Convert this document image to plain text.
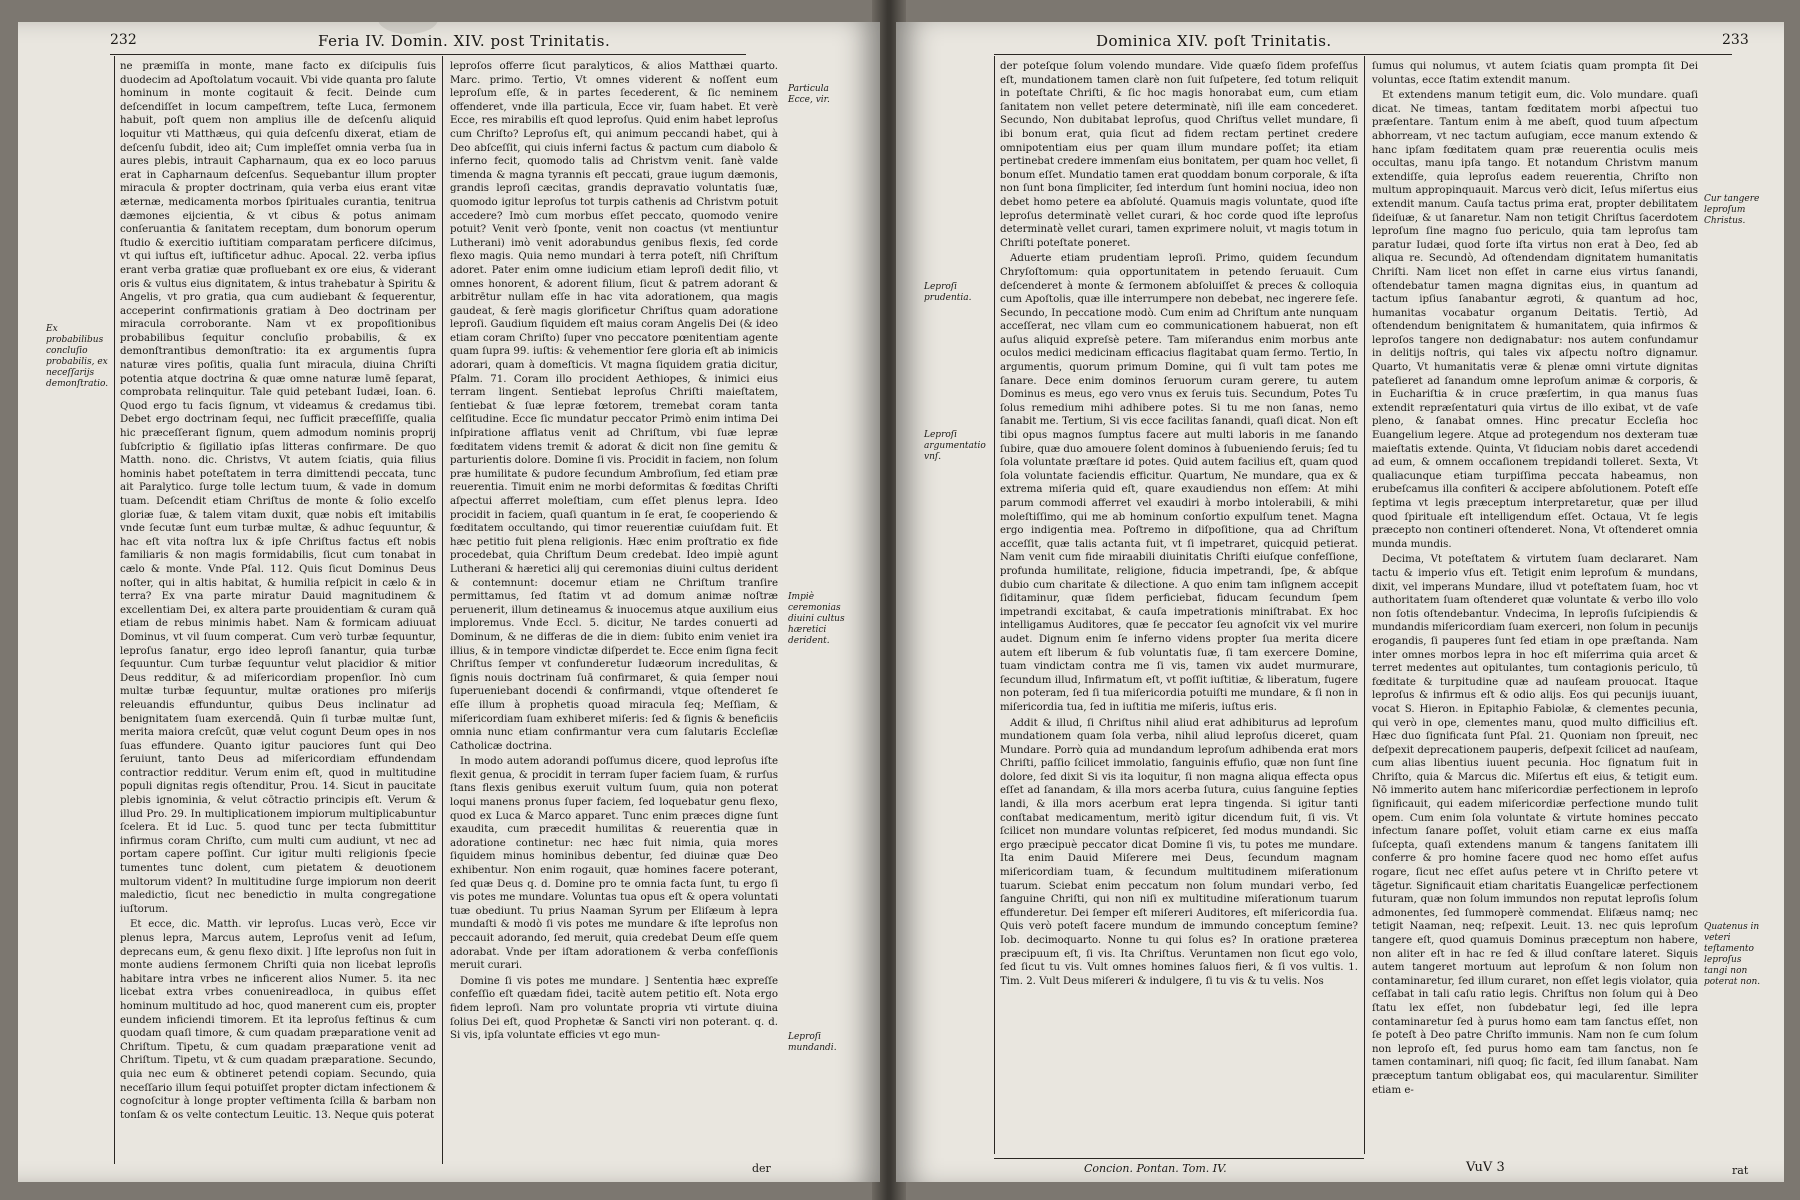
232	Feria IV. Domin. XIV. post Trinitatis.
Ex probabilibus concluſio probabilis, ex neceſſarijs demonſtratio.
Particula Ecce, vir.
Impiè ceremonias diuini cultus hæretici derident.
Leproſi mundandi.

ne præmiſſa in monte, mane facto ex diſcipulis ſuis duodecim ad Apoſtolatum vocauit. Vbi vide quanta pro ſalute hominum in monte cogitauit & fecit. Deinde cum deſcendiſſet in locum campeſtrem, teſte Luca, ſermonem habuit, poſt quem non amplius ille de deſcenſu aliquid loquitur vti Matthæus, qui quia deſcenſu dixerat, etiam de deſcenſu ſubdit, ideo ait; Cum impleſſet omnia verba ſua in aures plebis, intrauit Capharnaum, qua ex eo loco paruus erat in Capharnaum deſcenſus. Sequebantur illum propter miracula & propter doctrinam, quia verba eius erant vitæ æternæ, medicamenta morbos ſpirituales curantia, tenitrua dæmones eijcientia, & vt cibus & potus animam conſeruantia & ſanitatem receptam, dum bonorum operum ſtudio & exercitio iuſtitiam comparatam perficere diſcimus, vt qui iuſtus eſt, iuſtificetur adhuc. Apocal. 22. verba ipſius erant verba gratiæ quæ profluebant ex ore eius, & viderant oris & vultus eius dignitatem, & intus trahebatur à Spiritu & Angelis, vt pro gratia, qua cum audiebant & ſequerentur, acceperint confirmationis gratiam à Deo doctrinam per miracula corroborante. Nam vt ex propoſitionibus probabilibus ſequitur concluſio probabilis, & ex demonſtrantibus demonſtratio: ita ex argumentis ſupra naturæ vires poſitis, qualia ſunt miracula, diuina Chriſti potentia atque doctrina & quæ omne naturæ lumē ſeparat, comprobata relinquitur. Tale quid petebant Iudæi, Ioan. 6. Quod ergo tu facis ſignum, vt videamus & credamus tibi. Debet ergo doctrinam ſequi, nec ſufficit præceſſiſſe, qualia hic præceſſerant ſignum, quem admodum nominis proprij ſubſcriptio & ſigillatio ipſas litteras confirmare. De quo Matth. nono. dic. Christvs, Vt autem ſciatis, quia filius hominis habet poteſtatem in terra dimittendi peccata, tunc ait Paralytico. ſurge tolle lectum tuum, & vade in domum tuam. Deſcendit etiam Chriſtus de monte & ſolio excelſo gloriæ ſuæ, & talem vitam duxit, quæ nobis eſt imitabilis vnde ſecutæ ſunt eum turbæ multæ, & adhuc ſequuntur, & hac eſt vita noſtra lux & ipſe Chriſtus factus eſt nobis familiaris & non magis formidabilis, ſicut cum tonabat in cælo & monte. Vnde Pſal. 112. Quis ſicut Dominus Deus noſter, qui in altis habitat, & humilia reſpicit in cælo & in terra? Ex vna parte miratur Dauid magnitudinem & excellentiam Dei, ex altera parte prouidentiam & curam quā etiam de rebus minimis habet. Nam & formicam adiuuat Dominus, vt vil ſuum comperat. Cum verò turbæ ſequuntur, leproſus ſanatur, ergo ideo leproſi ſanantur, quia turbæ ſequuntur. Cum turbæ ſequuntur velut placidior & mitior Deus redditur, & ad miſericordiam propenſior. Inò cum multæ turbæ ſequuntur, multæ orationes pro miſerijs releuandis effunduntur, quibus Deus inclinatur ad benignitatem ſuam exercendā. Quin ſi turbæ multæ ſunt, merita maiora creſcūt, quæ velut cogunt Deum opes in nos ſuas effundere. Quanto igitur pauciores ſunt qui Deo ſeruiunt, tanto Deus ad miſericordiam effundendam contractior redditur. Verum enim eſt, quod in multitudine populi dignitas regis oſtenditur, Prou. 14. Sicut in paucitate plebis ignominia, & velut cōtractio principis eſt. Verum & illud Pro. 29. In multiplicationem impiorum multiplicabuntur ſcelera. Et id Luc. 5. quod tunc per tecta ſubmittitur infirmus coram Chriſto, cum multi cum audiunt, vt nec ad portam capere poſſint. Cur igitur multi religionis ſpecie tumentes tunc dolent, cum pietatem & deuotionem multorum vident? In multitudine ſurge impiorum non deerit maledictio, ſicut nec benedictio in multa congregatione iuſtorum.

Et ecce, dic. Matth. vir leproſus. Lucas verò, Ecce vir plenus lepra, Marcus autem, Leproſus venit ad Ieſum, deprecans eum, & genu flexo dixit. ] Iſte leproſus non ſuit in monte audiens ſermonem Chriſti quia non licebat leproſis habitare intra vrbes ne inficerent alios Numer. 5. ita nec licebat extra vrbes conuenireadloca, in quibus eſſet hominum multitudo ad hoc, quod manerent cum eis, propter eundem inficiendi timorem. Et ita leproſus feſtinus & cum quodam quaſi timore, & cum quadam præparatione venit ad Chriſtum. Tipetu, & cum quadam præparatione venit ad Chriſtum. Tipetu, vt & cum quadam præparatione. Secundo, quia nec eum & obtineret petendi copiam. Secundo, quia neceſſario illum ſequi potuiſſet propter dictam infectionem & cognoſcitur à longe propter veſtimenta ſcilla & barbam non tonſam & os velte contectum Leuitic. 13. Neque quis poterat

leproſos offerre ſicut paralyticos, & alios Matthæi quarto. Marc. primo. Tertio, Vt omnes viderent & noſſent eum leproſum eſſe, & in partes ſecederent, & ſic neminem offenderet, vnde illa particula, Ecce vir, ſuam habet. Et verè Ecce, res mirabilis eſt quod leproſus. Quid enim habet leproſus cum Chriſto? Leproſus eſt, qui animum peccandi habet, qui à Deo abſceſſit, qui ciuis inferni factus & pactum cum diabolo & inferno fecit, quomodo talis ad Christvm venit. ſanè valde timenda & magna tyrannis eſt peccati, graue iugum dæmonis, grandis leproſi cæcitas, grandis depravatio voluntatis ſuæ, quomodo igitur leproſus tot turpis cathenis ad Christvm potuit accedere? Imò cum morbus eſſet peccato, quomodo venire potuit? Venit verò ſponte, venit non coactus (vt mentiuntur Lutherani) imò venit adorabundus genibus flexis, ſed corde flexo magis. Quia nemo mundari à terra poteſt, niſi Chriſtum adoret. Pater enim omne iudicium etiam leproſi dedit filio, vt omnes honorent, & adorent filium, ſicut & patrem adorant & arbitrētur nullam eſſe in hac vita adorationem, qua magis gaudeat, & ſerè magis glorificetur Chriſtus quam adoratione leproſi. Gaudium ſiquidem eſt maius coram Angelis Dei (& ideo etiam coram Chriſto) ſuper vno peccatore pœnitentiam agente quam ſupra 99. iuſtis: & vehementior ſere gloria eſt ab inimicis adorari, quam à domeſticis. Vt magna ſiquidem gratia dicitur, Pſalm. 71. Coram illo procident Aethiopes, & inimici eius terram lingent. Sentiebat leproſus Chriſti maieſtatem, ſentiebat & ſuæ lepræ fœtorem, tremebat coram tanta celſitudine. Ecce ſic mundatur peccator Primò enim intima Dei inſpiratione afflatus venit ad Chriſtum, vbi ſuæ lepræ fœditatem videns tremit & adorat & dicit non ſine gemitu & parturientis dolore. Domine ſi vis. Procidit in faciem, non ſolum præ humilitate & pudore ſecundum Ambroſium, ſed etiam præ reuerentia. Timuit enim ne morbi deformitas & fœditas Chriſti aſpectui afferret moleſtiam, cum eſſet plenus lepra. Ideo procidit in faciem, quaſi quantum in ſe erat, ſe cooperiendo & fœditatem occultando, qui timor reuerentiæ cuiuſdam fuit. Et hæc petitio fuit plena religionis. Hæc enim proſtratio ex fide procedebat, quia Chriſtum Deum credebat. Ideo impiè agunt Lutherani & hæretici alij qui ceremonias diuini cultus derident & contemnunt: docemur etiam ne Chriſtum tranſire permittamus, ſed ſtatim vt ad domum animæ noſtræ peruenerit, illum detineamus & inuocemus atque auxilium eius imploremus. Vnde Eccl. 5. dicitur, Ne tardes conuerti ad Dominum, & ne differas de die in diem: ſubito enim veniet ira illius, & in tempore vindictæ diſperdet te. Ecce enim ſigna fecit Chriſtus ſemper vt confunderetur Iudæorum incredulitas, & ſignis nouis doctrinam ſuā confirmaret, & quia ſemper noui ſuperueniebant docendi & confirmandi, vtque oſtenderet ſe eſſe illum à prophetis quoad miracula ſeq; Meſſiam, & miſericordiam ſuam exhiberet miſeris: ſed & ſignis & beneficiis omnia nunc etiam confirmantur vera cum ſalutaris Eccleſiæ Catholicæ doctrina.

In modo autem adorandi poſſumus dicere, quod leproſus iſte flexit genua, & procidit in terram ſuper faciem ſuam, & rurſus ſtans flexis genibus exeruit vultum ſuum, quia non poterat loqui manens pronus ſuper faciem, ſed loquebatur genu flexo, quod ex Luca & Marco apparet. Tunc enim præces digne ſunt exaudita, cum præcedit humilitas & reuerentia quæ in adoratione continetur: nec hæc fuit nimia, quia mores ſiquidem minus hominibus debentur, ſed diuinæ quæ Deo exhibentur. Non enim rogauit, quæ homines facere poterant, ſed quæ Deus q. d. Domine pro te omnia facta ſunt, tu ergo ſi vis potes me mundare. Voluntas tua opus eſt & opera voluntati tuæ obediunt. Tu prius Naaman Syrum per Eliſæum à lepra mundaſti & modò ſi vis potes me mundare & iſte leproſus non peccauit adorando, ſed meruit, quia credebat Deum eſſe quem adorabat. Vnde per iſtam adorationem & verba confeſſionis meruit curari.

Domine ſi vis potes me mundare. ] Sententia hæc expreſſe confeſſio eſt quædam fidei, tacitè autem petitio eſt. Nota ergo fidem leproſi. Nam pro voluntate propria vti virtute diuina ſolius Dei eſt, quod Prophetæ & Sancti viri non poterant. q. d. Si vis, ipſa voluntate efficies vt ego mun-

der
Dominica XIV. poſt Trinitatis.	233
Leproſi prudentia.
Leproſi argumentatio vnſ.
Cur tangere leproſum Christus.
Quatenus in veteri teſtamento leproſus tangi non poterat non.

der poteſque ſolum volendo mundare. Vide quæſo ſidem profeſſus eſt, mundationem tamen clarè non ſuit ſuſpetere, ſed totum reliquit in poteſtate Chriſti, & ſic hoc magis honorabat eum, cum etiam ſanitatem non vellet petere determinatè, niſi ille eam concederet. Secundo, Non dubitabat leproſus, quod Chriſtus vellet mundare, ſi ibi bonum erat, quia ſicut ad fidem rectam pertinet credere omnipotentiam eius per quam illum mundare poſſet; ita etiam pertinebat credere immenſam eius bonitatem, per quam hoc vellet, ſi bonum eſſet. Mundatio tamen erat quoddam bonum corporale, & iſta non ſunt bona ſimpliciter, ſed interdum ſunt homini nociua, ideo non debet homo petere ea abſoluté. Quamuis magis voluntate, quod iſte leproſus determinatè vellet curari, & hoc corde quod iſte leproſus determinatè vellet curari, tamen exprimere noluit, vt magis totum in Chriſti poteſtate poneret.

Aduerte etiam prudentiam leproſi. Primo, quidem ſecundum Chryſoſtomum: quia opportunitatem in petendo ſeruauit. Cum deſcenderet à monte & ſermonem abſoluiſſet & preces & colloquia cum Apoſtolis, quæ ille interrumpere non debebat, nec ingerere ſeſe. Secundo, In peccatione modò. Cum enim ad Chriſtum ante nunquam acceſſerat, nec vllam cum eo communicationem habuerat, non eſt auſus aliquid expreſsè petere. Tam miſerandus enim morbus ante oculos medici medicinam efficacius flagitabat quam ſermo. Tertio, In argumentis, quorum primum Domine, qui ſi vult tam potes me ſanare. Dece enim dominos ſeruorum curam gerere, tu autem Dominus es meus, ego vero vnus ex ſeruis tuis. Secundum, Potes Tu ſolus remedium mihi adhibere potes. Si tu me non ſanas, nemo ſanabit me. Tertium, Si vis ecce facilitas ſanandi, quaſi dicat. Non eſt tibi opus magnos ſumptus facere aut multi laboris in me ſanando ſubire, quæ duo amouere ſolent dominos à ſubueniendo ſeruis; ſed tu ſola voluntate præſtare id potes. Quid autem facilius eſt, quam quod ſola voluntate faciendis efficitur. Quartum, Ne mundare, qua ex & extrema miſeria quid eſt, quare exaudiendus non eſſem: At mihi parum commodi afferret vel exaudiri à morbo intolerabili, & mihi moleſtiſſimo, qui me ab hominum conſortio expulſum tenet. Magna ergo indigentia mea. Poſtremo in diſpoſitione, qua ad Chriſtum acceſſit, quæ talis actanta fuit, vt ſi impetraret, quicquid petierat. Nam venit cum fide miraabili diuinitatis Chriſti eiuſque confeſſione, profunda humilitate, religione, fiducia impetrandi, ſpe, & abſque dubio cum charitate & dilectione. A quo enim tam inſignem accepit ſiditaminur, quæ ſidem perficiebat, fiducam ſecundum ſpem impetrandi excitabat, & cauſa impetrationis miniſtrabat. Ex hoc intelligamus Auditores, quæ ſe peccator ſeu agnoſcit vix vel murire audet. Dignum enim ſe inferno videns propter ſua merita dicere autem eſt liberum & ſub voluntatis ſuæ, ſi tam exercere Domine, tuam vindictam contra me ſi vis, tamen vix audet murmurare, ſecundum illud, Infirmatum eſt, vt poſſit iuſtitiæ, & liberatum, fugere non poteram, ſed ſi tua miſericordia potuiſti me mundare, & ſi non in miſericordia tua, ſed in iuſtitia me miſeris, iuſtus eris.

Addit & illud, ſi Chriſtus nihil aliud erat adhibiturus ad leproſum mundationem quam ſola verba, nihil aliud leproſus diceret, quam Mundare. Porrò quia ad mundandum leproſum adhibenda erat mors Chriſti, paſſio ſcilicet immolatio, ſanguinis effuſio, quæ non ſunt ſine dolore, ſed dixit Si vis ita loquitur, ſi non magna aliqua effecta opus eſſet ad ſanandam, & illa mors acerba ſutura, cuius ſanguine ſepties landi, & illa mors acerbum erat lepra tingenda. Si igitur tanti conſtabat medicamentum, meritò igitur dicendum fuit, ſi vis. Vt ſcilicet non mundare voluntas reſpiceret, ſed modus mundandi. Sic ergo præcipuè peccator dicat Domine ſi vis, tu potes me mundare. Ita enim Dauid Miſerere mei Deus, ſecundum magnam miſericordiam tuam, & ſecundum multitudinem miſerationum tuarum. Sciebat enim peccatum non ſolum mundari verbo, ſed ſanguine Chriſti, qui non niſi ex multitudine miſerationum tuarum effunderetur. Dei ſemper eſt miſereri Auditores, eſt miſericordia ſua. Quis verò poteſt facere mundum de immundo conceptum ſemine? Iob. decimoquarto. Nonne tu qui ſolus es? In oratione præterea præcipuum eſt, ſi vis. Ita Chriſtus. Veruntamen non ſicut ego volo, ſed ſicut tu vis. Vult omnes homines ſaluos fieri, & ſi vos vultis. 1. Tim. 2. Vult Deus miſereri & indulgere, ſi tu vis & tu velis. Nos

ſumus qui nolumus, vt autem ſciatis quam prompta ſit Dei voluntas, ecce ſtatim extendit manum.

Et extendens manum tetigit eum, dic. Volo mundare. quaſi dicat. Ne timeas, tantam fœditatem morbi aſpectui tuo præſentare. Tantum enim à me abeſt, quod tuum aſpectum abhorream, vt nec tactum auſugiam, ecce manum extendo & hanc ipſam fœditatem quam præ reuerentia oculis meis occultas, manu ipſa tango. Et notandum Christvm manum extendiſſe, quia leproſus eadem reuerentia, Chriſto non multum appropinquauit. Marcus verò dicit, Ieſus miſertus eius extendit manum. Cauſa tactus prima erat, propter debilitatem ſideiſuæ, & ut ſanaretur. Nam non tetigit Chriſtus ſacerdotem leproſum ſine magno ſuo periculo, quia tam leproſus tam paratur Iudæi, quod ſorte iſta virtus non erat à Deo, ſed ab aliqua re. Secundò, Ad oſtendendam dignitatem humanitatis Chriſti. Nam licet non eſſet in carne eius virtus ſanandi, oſtendebatur tamen magna dignitas eius, in quantum ad tactum ipſius ſanabantur ægroti, & quantum ad hoc, humanitas vocabatur organum Deitatis. Tertiò, Ad oſtendendum benignitatem & humanitatem, quia infirmos & leproſos tangere non dedignabatur: nos autem confundamur in delitijs noſtris, qui tales vix aſpectu noſtro dignamur. Quarto, Vt humanitatis veræ & plenæ omni virtute dignitas pateſieret ad ſanandum omne leproſum animæ & corporis, & in Euchariſtia & in cruce præſertim, in qua manus ſuas extendit repræſentaturi quia virtus de illo exibat, vt de vaſe pleno, & ſanabat omnes. Hinc precatur Eccleſia hoc Euangelium legere. Atque ad protegendum nos dexteram tuæ maieſtatis extende. Quinta, Vt ſiduciam nobis daret accedendi ad eum, & omnem occaſionem trepidandi tolleret. Sexta, Vt qualiacunque etiam turpiſſima peccata habeamus, non erubeſcamus illa confiteri & accipere abſolutionem. Poteſt eſſe ſeptima vt legis præceptum interpretaretur, quæ per illud quod ſpirituale eſt intelligendum eſſet. Octaua, Vt ſe legis præcepto non contineri oſtenderet. Nona, Vt oſtenderet omnia munda mundis.

Decima, Vt poteſtatem & virtutem ſuam declararet. Nam tactu & imperio vſus eſt. Tetigit enim leproſum & mundans, dixit, vel imperans Mundare, illud vt poteſtatem ſuam, hoc vt authoritatem ſuam oſtenderet quæ voluntate & verbo illo volo non ſotis oſtendebantur. Vndecima, In leproſis ſuſcipiendis & mundandis miſericordiam ſuam exerceri, non ſolum in pecunijs erogandis, ſi pauperes ſunt ſed etiam in ope præſtanda. Nam inter omnes morbos lepra in hoc eſt miſerrima quia arcet & terret medentes aut opitulantes, tum contagionis periculo, tū fœditate & turpitudine quæ ad nauſeam prouocat. Itaque leproſus & infirmus eſt & odio alijs. Eos qui pecunijs iuuant, vocat S. Hieron. in Epitaphio Fabiolæ, & clementes pecunia, qui verò in ope, clementes manu, quod multo difficilius eſt. Hæc duo ſignificata ſunt Pſal. 21. Quoniam non ſpreuit, nec deſpexit deprecationem pauperis, deſpexit ſcilicet ad nauſeam, cum alias libentius iuuent pecunia. Hoc ſignatum fuit in Chriſto, quia & Marcus dic. Miſertus eſt eius, & tetigit eum. Nō immerito autem hanc miſericordiæ perfectionem in leproſo ſignificauit, qui eadem miſericordiæ perfectione mundo tulit opem. Cum enim ſola voluntate & virtute homines peccato infectum ſanare poſſet, voluit etiam carne ex eius maſſa ſuſcepta, quaſi extendens manum & tangens ſanitatem illi conferre & pro homine facere quod nec homo eſſet aufus rogare, ſicut nec eſſet auſus petere vt in Chriſto petere vt tāgetur. Significauit etiam charitatis Euangelicæ perfectionem futuram, quæ non ſolum immundos non reputat leproſis ſolum admonentes, ſed ſummoperè commendat. Eliſæus namq; nec tetigit Naaman, neq; reſpexit. Leuit. 13. nec quis leproſum tangere eſt, quod quamuis Dominus præceptum non habere, non aliter eſt in hac re ſed & illud conſtare lateret. Siquis autem tangeret mortuum aut leproſum & non ſolum non contaminaretur, ſed illum curaret, non eſſet legis violator, quia ceſſabat in tali caſu ratio legis. Chriſtus non ſolum qui à Deo ſtatu lex eſſet, non ſubdebatur legi, ſed ille lepra contaminaretur ſed à purus homo eam tam ſanctus eſſet, non ſe poteſt à Deo patre Chriſto immunis. Nam non ſe cum ſolum non leproſo eſt, ſed purus homo eam tam ſanctus, non ſe tamen contaminari, niſi quoq; ſic facit, ſed illum ſanabat. Nam præceptum tantum obligabat eos, qui macularentur. Similiter etiam e-

Concion. Pontan. Tom. IV.	VuV 3	rat
